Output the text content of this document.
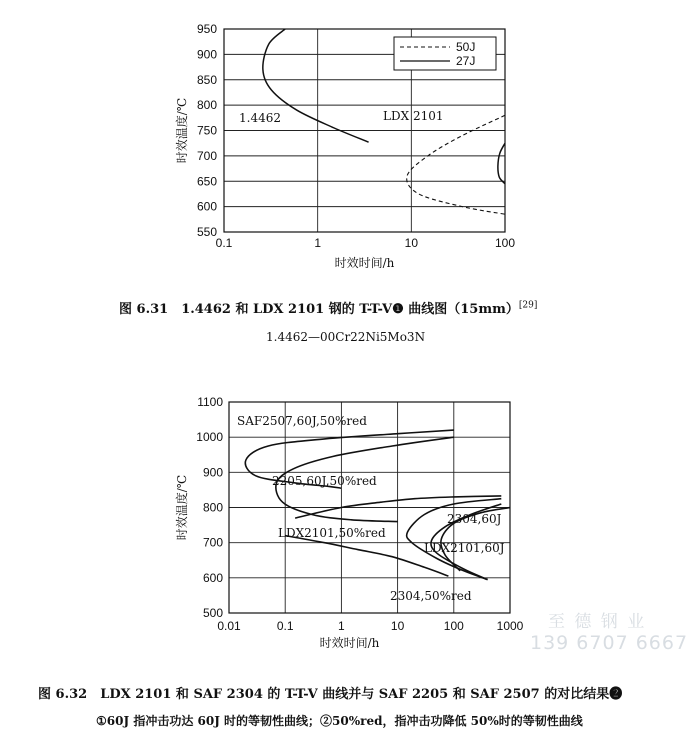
550
600
650
700
750
800
850
900
950
0.1	1	10	100
时效时间/h
时效温度/℃
50J
27J
1.4462	LDX 2101
500
600
700
800
900
1000
1100
0.01	0.1	1	10	100	1000
时效时间/h
时效温度/℃
SAF2507,60J,50%red
2205,60J,50%red
LDX2101,50%red
2304,60J
LDX2101,60J
2304,50%red
图 6.31　1.4462 和 LDX 2101 钢的 T-T-V❶ 曲线图（15mm）[29]
1.4462—00Cr22Ni5Mo3N
图 6.32　LDX 2101 和 SAF 2304 的 T-T-V 曲线并与 SAF 2205 和 SAF 2507 的对比结果❷
①60J 指冲击功达 60J 时的等韧性曲线；②50%red，指冲击功降低 50%时的等韧性曲线
至 德 钢 业
139 6707 6667
